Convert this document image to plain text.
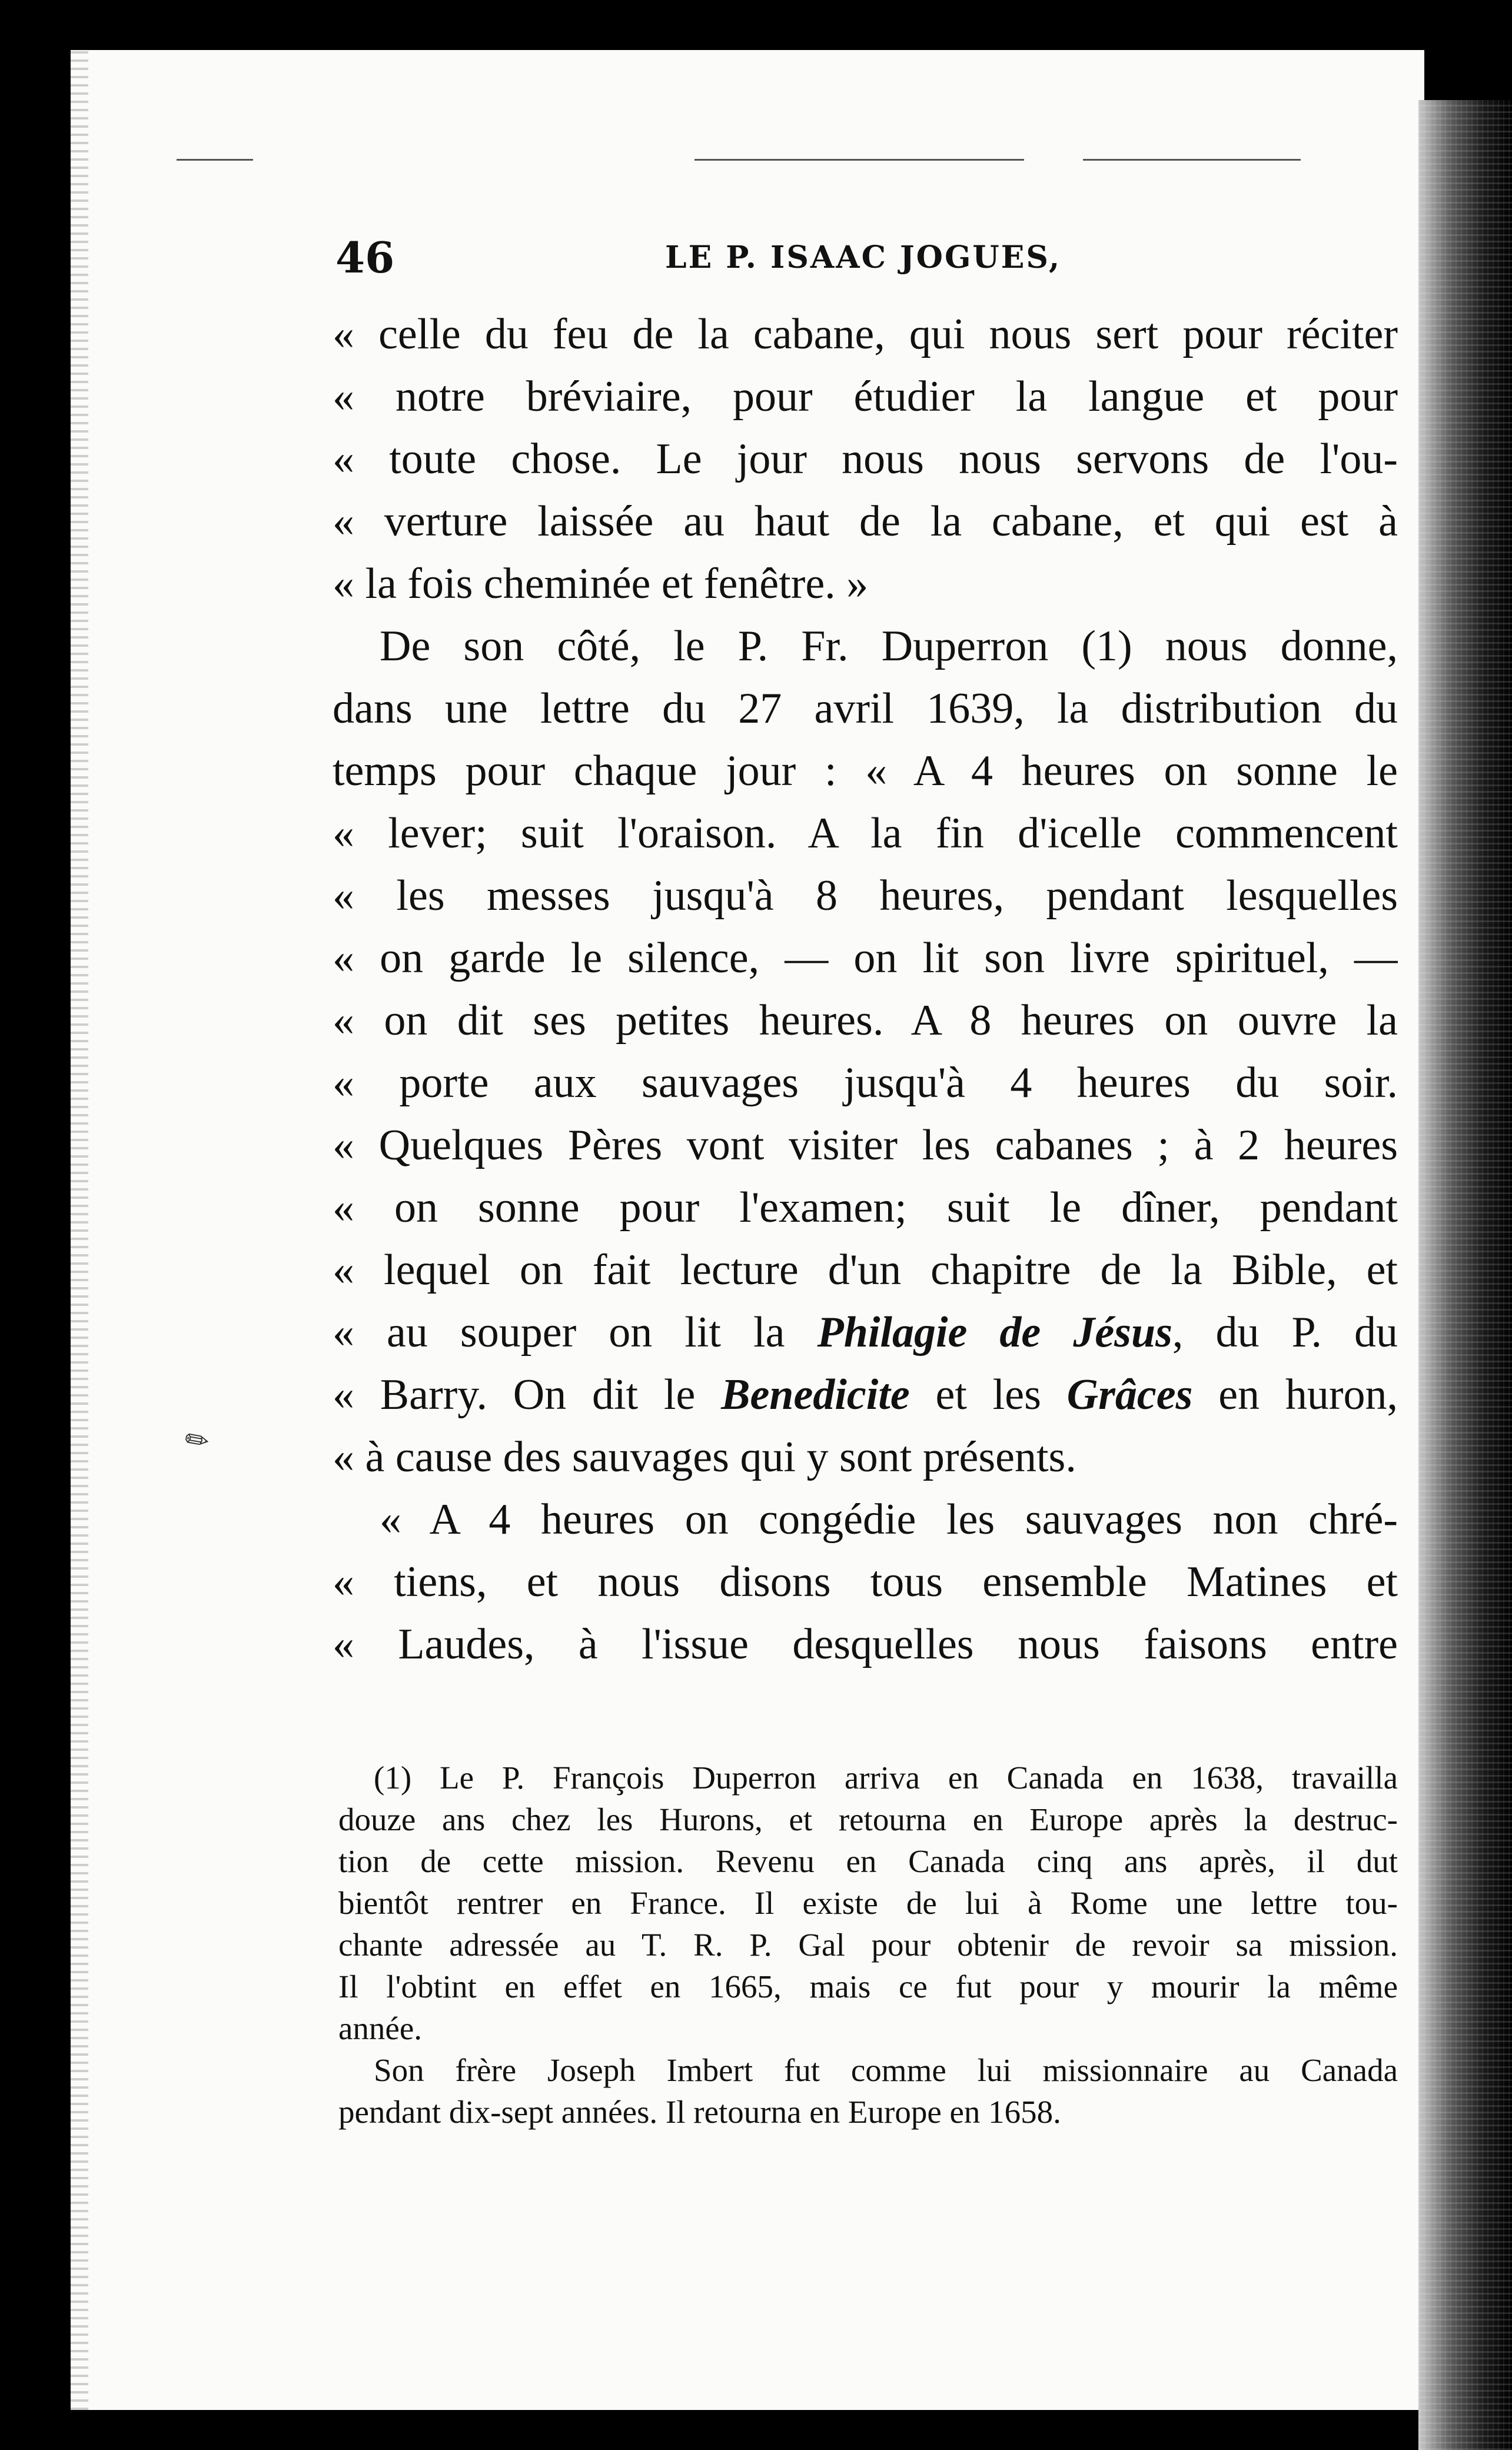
46	LE P. ISAAC JOGUES,
« celle du feu de la cabane, qui nous sert pour réciter
« notre bréviaire, pour étudier la langue et pour
« toute chose. Le jour nous nous servons de l'ou-
« verture laissée au haut de la cabane, et qui est à
« la fois cheminée et fenêtre. »
De son côté, le P. Fr. Duperron (1) nous donne,
dans une lettre du 27 avril 1639, la distribution du
temps pour chaque jour : « A 4 heures on sonne le
« lever; suit l'oraison. A la fin d'icelle commencent
« les messes jusqu'à 8 heures, pendant lesquelles
« on garde le silence, — on lit son livre spirituel, —
« on dit ses petites heures. A 8 heures on ouvre la
« porte aux sauvages jusqu'à 4 heures du soir.
« Quelques Pères vont visiter les cabanes ; à 2 heures
« on sonne pour l'examen; suit le dîner, pendant
« lequel on fait lecture d'un chapitre de la Bible, et
« au souper on lit la Philagie de Jésus, du P. du
« Barry. On dit le Benedicite et les Grâces en huron,
« à cause des sauvages qui y sont présents.
« A 4 heures on congédie les sauvages non chré-
« tiens, et nous disons tous ensemble Matines et
« Laudes, à l'issue desquelles nous faisons entre
✎
(1) Le P. François Duperron arriva en Canada en 1638, travailla
douze ans chez les Hurons, et retourna en Europe après la destruc-
tion de cette mission. Revenu en Canada cinq ans après, il dut
bientôt rentrer en France. Il existe de lui à Rome une lettre tou-
chante adressée au T. R. P. Gal pour obtenir de revoir sa mission.
Il l'obtint en effet en 1665, mais ce fut pour y mourir la même
année.
Son frère Joseph Imbert fut comme lui missionnaire au Canada
pendant dix-sept années. Il retourna en Europe en 1658.
